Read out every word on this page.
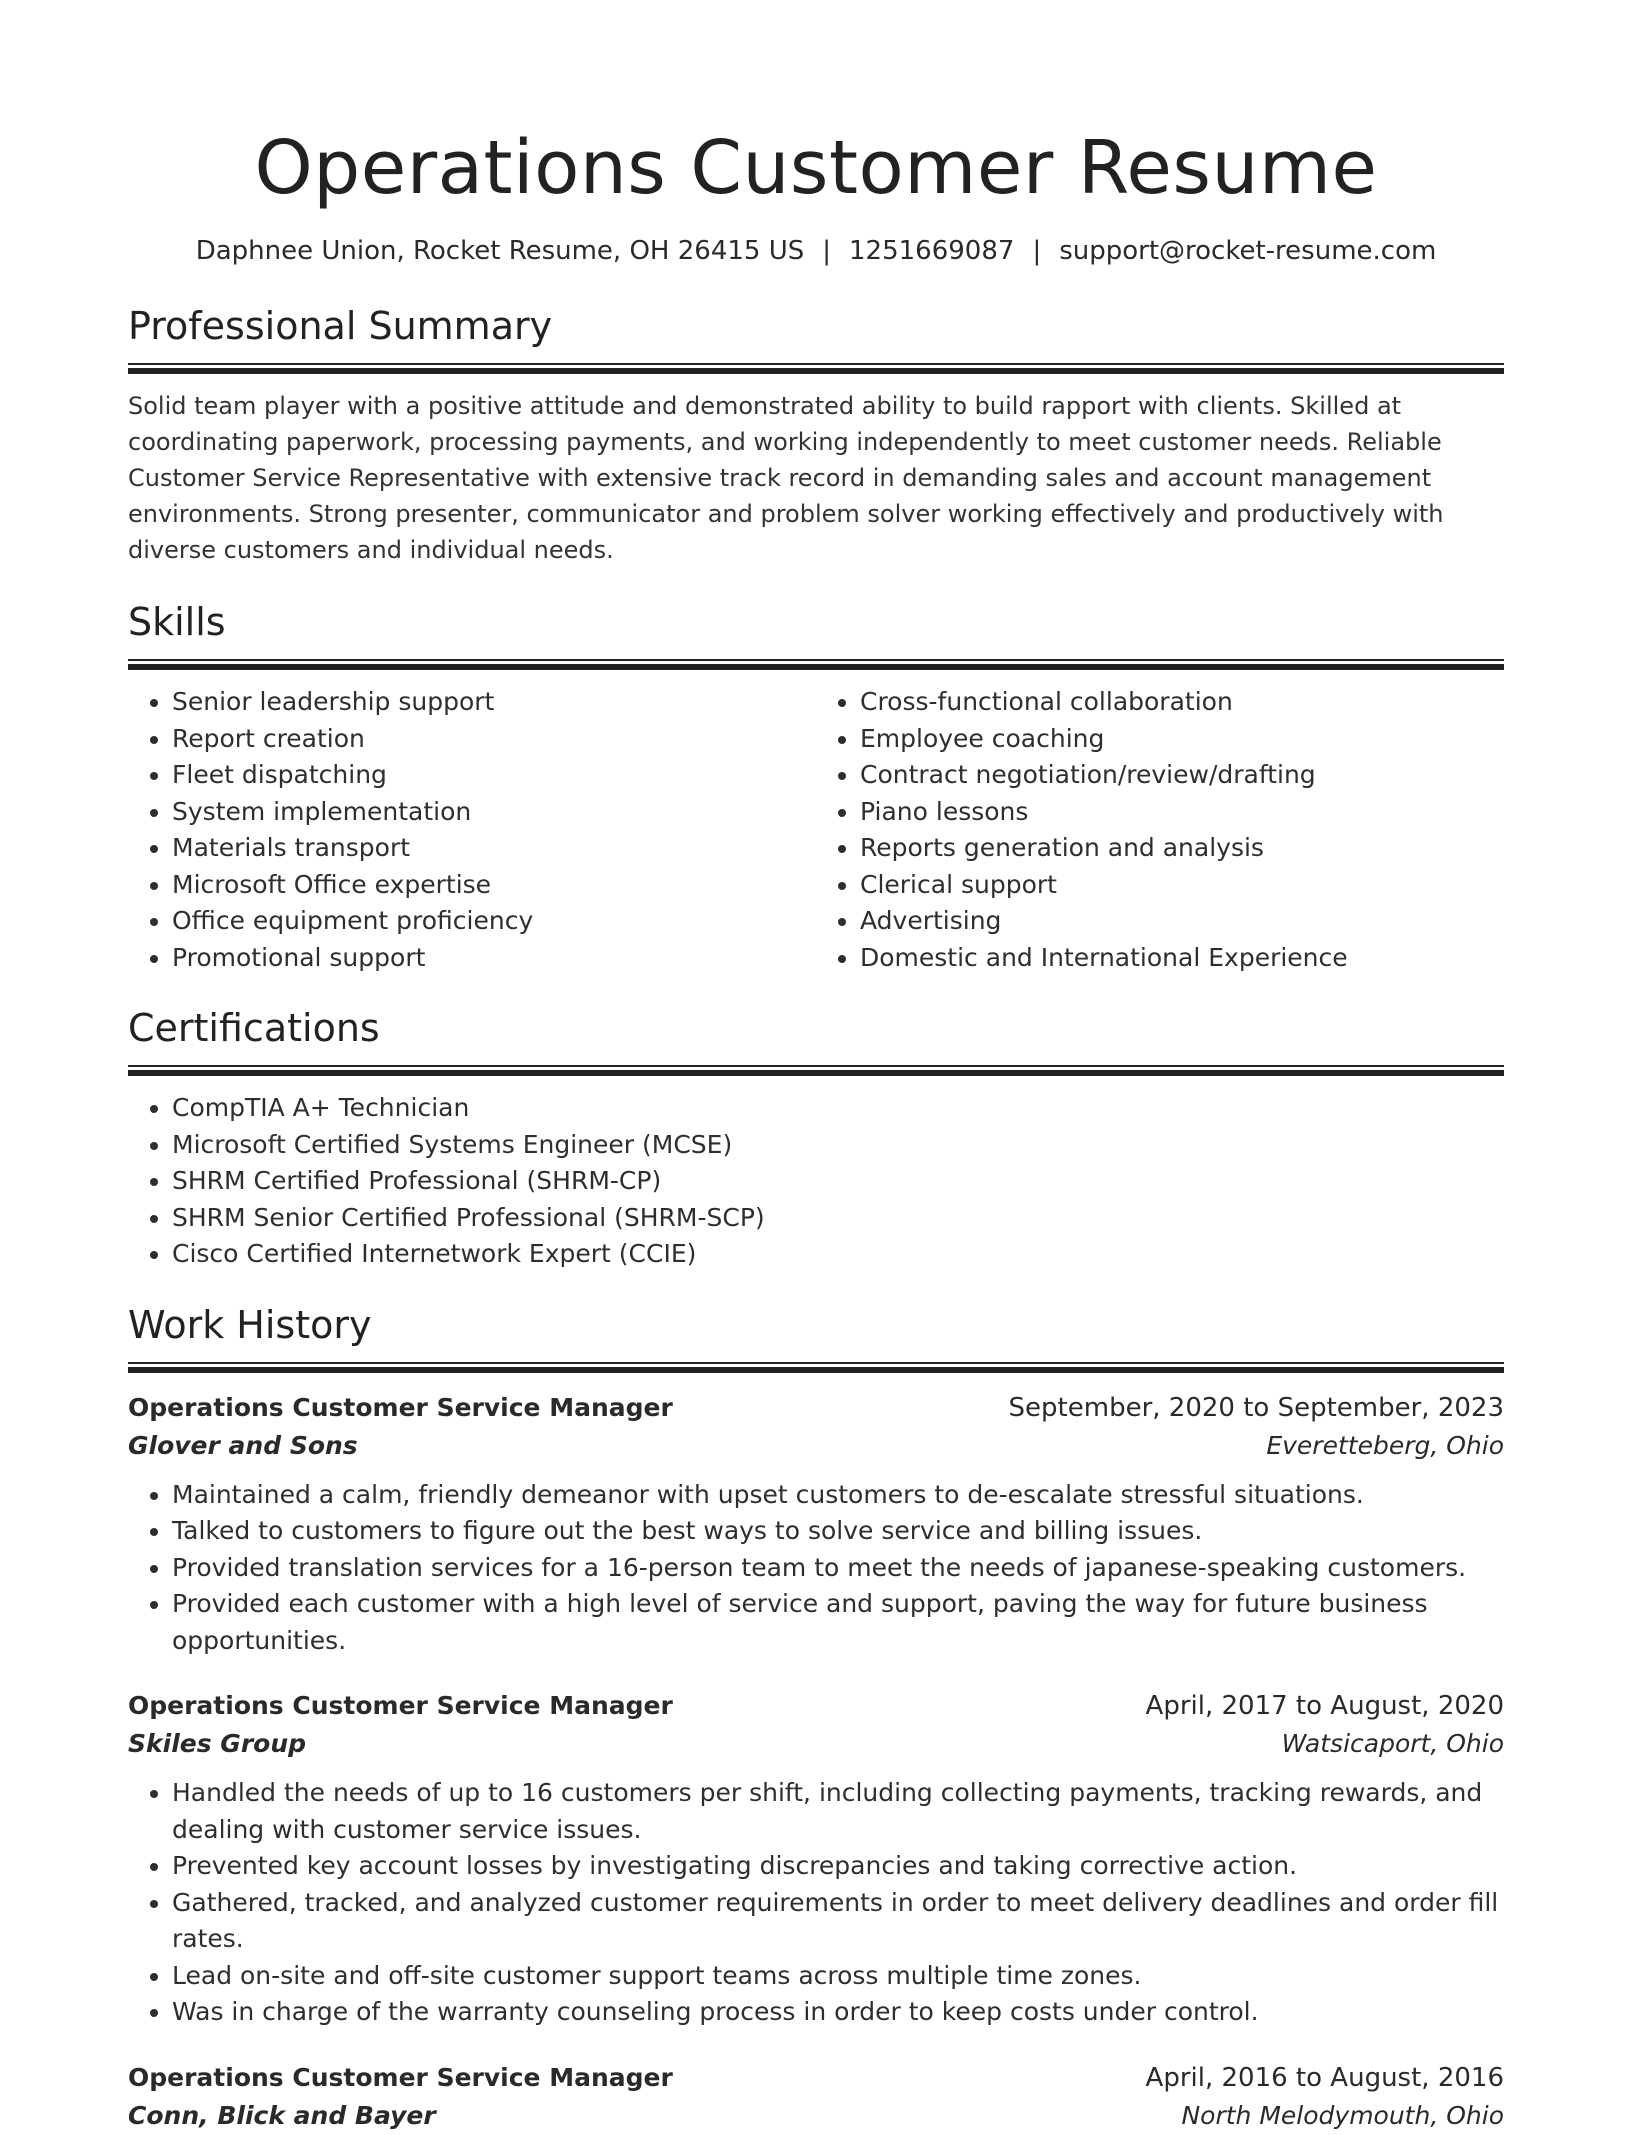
Operations Customer Resume
Daphnee Union, Rocket Resume, OH 26415 US | 1251669087 | support@rocket-resume.com
Professional Summary
Solid team player with a positive attitude and demonstrated ability to build rapport with clients. Skilled at coordinating paperwork, processing payments, and working independently to meet customer needs. Reliable Customer Service Representative with extensive track record in demanding sales and account management environments. Strong presenter, communicator and problem solver working effectively and productively with diverse customers and individual needs.
Skills
• Senior leadership support
• Report creation
• Fleet dispatching
• System implementation
• Materials transport
• Microsoft Office expertise
• Office equipment proficiency
• Promotional support
• Cross-functional collaboration
• Employee coaching
• Contract negotiation/review/drafting
• Piano lessons
• Reports generation and analysis
• Clerical support
• Advertising
• Domestic and International Experience
Certifications
• CompTIA A+ Technician
• Microsoft Certified Systems Engineer (MCSE)
• SHRM Certified Professional (SHRM-CP)
• SHRM Senior Certified Professional (SHRM-SCP)
• Cisco Certified Internetwork Expert (CCIE)
Work History
Operations Customer Service Manager	September, 2020 to September, 2023
Glover and Sons	Everetteberg, Ohio
• Maintained a calm, friendly demeanor with upset customers to de-escalate stressful situations.
• Talked to customers to figure out the best ways to solve service and billing issues.
• Provided translation services for a 16-person team to meet the needs of japanese-speaking customers.
• Provided each customer with a high level of service and support, paving the way for future business opportunities.
Operations Customer Service Manager	April, 2017 to August, 2020
Skiles Group	Watsicaport, Ohio
• Handled the needs of up to 16 customers per shift, including collecting payments, tracking rewards, and dealing with customer service issues.
• Prevented key account losses by investigating discrepancies and taking corrective action.
• Gathered, tracked, and analyzed customer requirements in order to meet delivery deadlines and order fill rates.
• Lead on-site and off-site customer support teams across multiple time zones.
• Was in charge of the warranty counseling process in order to keep costs under control.
Operations Customer Service Manager	April, 2016 to August, 2016
Conn, Blick and Bayer	North Melodymouth, Ohio
